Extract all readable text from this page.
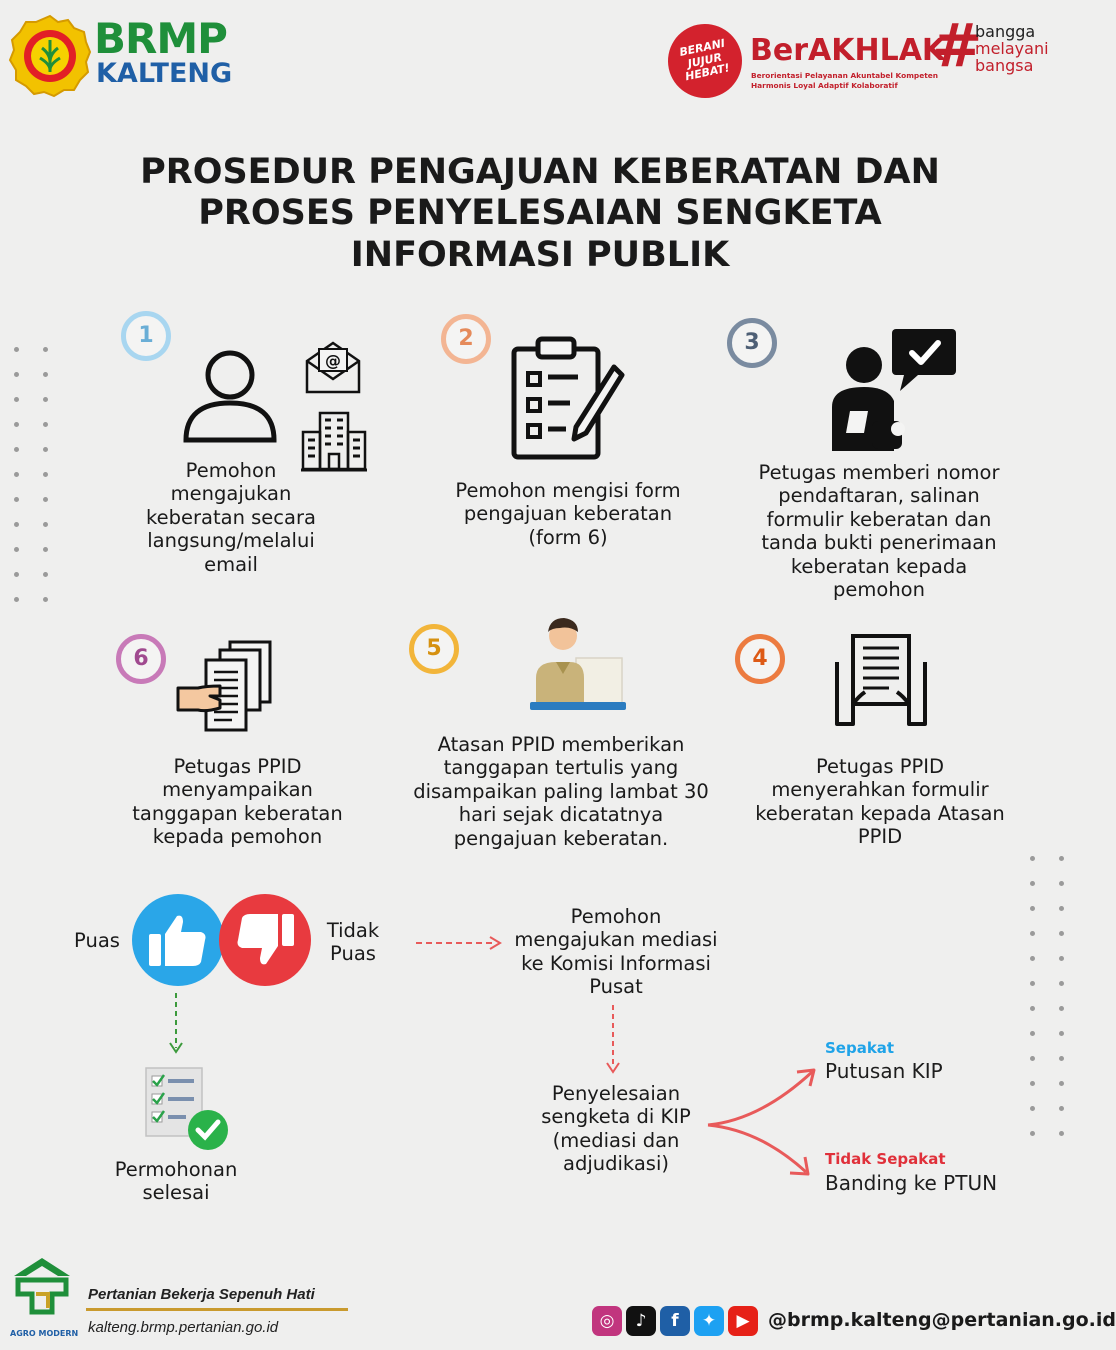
BRMP
KALTENG
BERANI JUJUR HEBAT!
BerAKHLAK
Berorientasi Pelayanan Akuntabel Kompeten Harmonis Loyal Adaptif Kolaboratif
#
bangga
melayani
bangsa
PROSEDUR PENGAJUAN KEBERATAN DAN PROSES PENYELESAIAN SENGKETA INFORMASI PUBLIK
1
@
Pemohon mengajukan keberatan secara langsung/melalui email
2
Pemohon mengisi form pengajuan keberatan (form 6)
3
Petugas memberi nomor pendaftaran, salinan formulir keberatan dan tanda bukti penerimaan keberatan kepada pemohon
6
Petugas PPID menyampaikan tanggapan keberatan kepada pemohon
5
Atasan PPID memberikan tanggapan tertulis yang disampaikan paling lambat 30 hari sejak dicatatnya pengajuan keberatan.
4
Petugas PPID menyerahkan formulir keberatan kepada Atasan PPID
Puas	Tidak Puas
Pemohon mengajukan mediasi ke Komisi Informasi Pusat
Permohonan selesai
Penyelesaian sengketa di KIP (mediasi dan adjudikasi)
Sepakat
Putusan KIP
Tidak Sepakat
Banding ke PTUN
AGRO MODERN
Pertanian Bekerja Sepenuh Hati
kalteng.brmp.pertanian.go.id	◎	♪	f	✦	▶ @brmp.kalteng@pertanian.go.id
